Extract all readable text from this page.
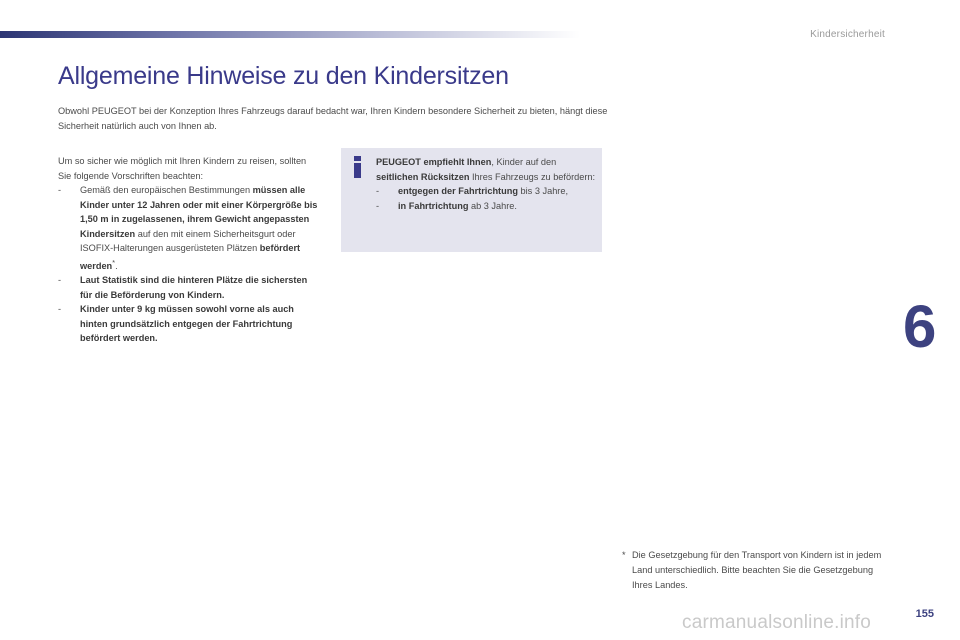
Kindersicherheit
Allgemeine Hinweise zu den Kindersitzen

Obwohl PEUGEOT bei der Konzeption Ihres Fahrzeugs darauf bedacht war, Ihren Kindern besondere Sicherheit zu bieten, hängt diese Sicherheit natürlich auch von Ihnen ab.

Um so sicher wie möglich mit Ihren Kindern zu reisen, sollten Sie folgende Vorschriften beachten:

- Gemäß den europäischen Bestimmungen müssen alle Kinder unter 12 Jahren oder mit einer Körpergröße bis 1,50 m in zugelassenen, ihrem Gewicht angepassten Kindersitzen auf den mit einem Sicherheitsgurt oder ISOFIX-Halterungen ausgerüsteten Plätzen befördert werden*.

- Laut Statistik sind die hinteren Plätze die sichersten für die Beförderung von Kindern.

- Kinder unter 9 kg müssen sowohl vorne als auch hinten grundsätzlich entgegen der Fahrtrichtung befördert werden.

PEUGEOT empfiehlt Ihnen, Kinder auf den seitlichen Rücksitzen Ihres Fahrzeugs zu befördern:

- entgegen der Fahrtrichtung bis 3 Jahre,

- in Fahrtrichtung ab 3 Jahre.

6
* Die Gesetzgebung für den Transport von Kindern ist in jedem Land unterschiedlich. Bitte beachten Sie die Gesetzgebung Ihres Landes.
carmanualsonline.info	155
